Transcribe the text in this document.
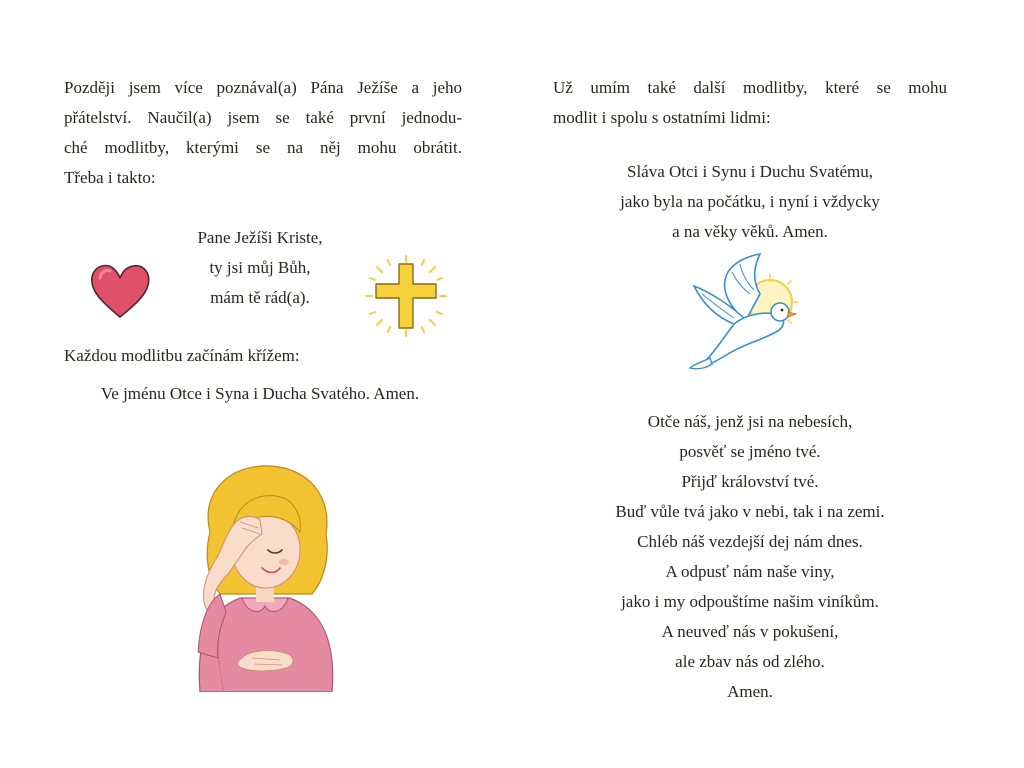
Později jsem více poznával(a) Pána Ježíše a jeho

přátelství. Naučil(a) jsem se také první jednodu-

ché modlitby, kterými se na něj mohu obrátit.

Třeba i takto:

Pane Ježíši Kriste,
ty jsi můj Bůh,
mám tě rád(a).

Každou modlitbu začínám křížem:

Ve jménu Otce i Syna i Ducha Svatého. Amen.

Už umím také další modlitby, které se mohu

modlit i spolu s ostatními lidmi:

Sláva Otci i Synu i Duchu Svatému,
jako byla na počátku, i nyní i vždycky
a na věky věků. Amen.
Otče náš, jenž jsi na nebesích,
posvěť se jméno tvé.
Přijď království tvé.
Buď vůle tvá jako v nebi, tak i na zemi.
Chléb náš vezdejší dej nám dnes.
A odpusť nám naše viny,
jako i my odpouštíme našim viníkům.
A neuveď nás v pokušení,
ale zbav nás od zlého.
Amen.
